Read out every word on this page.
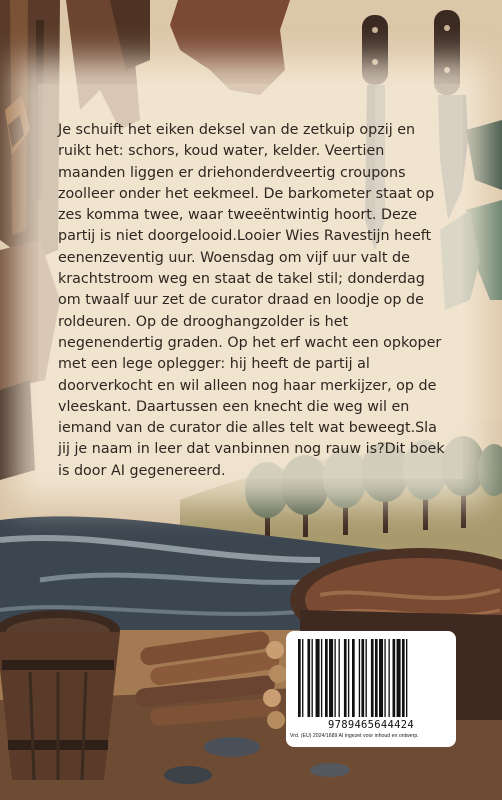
Je schuift het eiken deksel van de zetkuip opzij en ruikt het: schors, koud water, kelder. Veertien maanden liggen er driehonderdveertig croupons zoolleer onder het eekmeel. De barkometer staat op zes komma twee, waar tweeëntwintig hoort. Deze partij is niet doorgelooid.Looier Wies Ravestijn heeft eenenzeventig uur. Woensdag om vijf uur valt de krachtstroom weg en staat de takel stil; donderdag om twaalf uur zet de curator draad en loodje op de roldeuren. Op de drooghangzolder is het negenendertig graden. Op het erf wacht een opkoper met een lege oplegger: hij heeft de partij al doorverkocht en wil alleen nog haar merkijzer, op de vleeskant. Daartussen een knecht die weg wil en iemand van de curator die alles telt wat beweegt.Sla jij je naam in leer dat vanbinnen nog rauw is?Dit boek is door AI gegenereerd.

9789465644424
Vrd. (EU) 2024/1689 AI ingezet voor inhoud en ontwerp.
